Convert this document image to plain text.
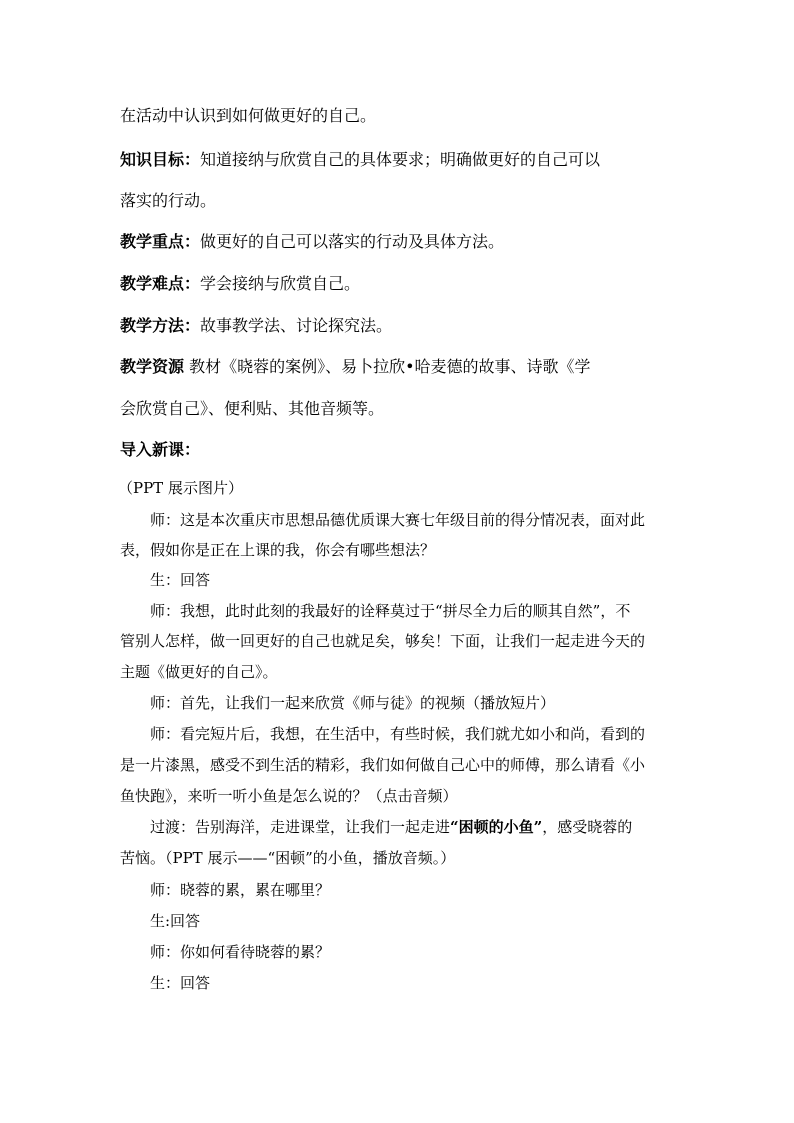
在活动中认识到如何做更好的自己。
知识目标：知道接纳与欣赏自己的具体要求；明确做更好的自己可以
落实的行动。
教学重点：做更好的自己可以落实的行动及具体方法。
教学难点：学会接纳与欣赏自己。
教学方法：故事教学法、讨论探究法。
教学资源 教材《晓蓉的案例》、易卜拉欣•哈麦德的故事、诗歌《学
会欣赏自己》、便利贴、其他音频等。
导入新课：
（PPT 展示图片）
师：这是本次重庆市思想品德优质课大赛七年级目前的得分情况表，面对此
表，假如你是正在上课的我，你会有哪些想法？
生：回答
师：我想，此时此刻的我最好的诠释莫过于“拼尽全力后的顺其自然”，不
管别人怎样，做一回更好的自己也就足矣，够矣！下面，让我们一起走进今天的
主题《做更好的自己》。
师：首先，让我们一起来欣赏《师与徒》的视频（播放短片）
师：看完短片后，我想，在生活中，有些时候，我们就尤如小和尚，看到的
是一片漆黑，感受不到生活的精彩，我们如何做自己心中的师傅，那么请看《小
鱼快跑》，来听一听小鱼是怎么说的？（点击音频）
过渡：告别海洋，走进课堂，让我们一起走进“困顿的小鱼”，感受晓蓉的
苦恼。（PPT 展示——“困顿”的小鱼，播放音频。）
师：晓蓉的累，累在哪里？
生:回答
师：你如何看待晓蓉的累？
生：回答
